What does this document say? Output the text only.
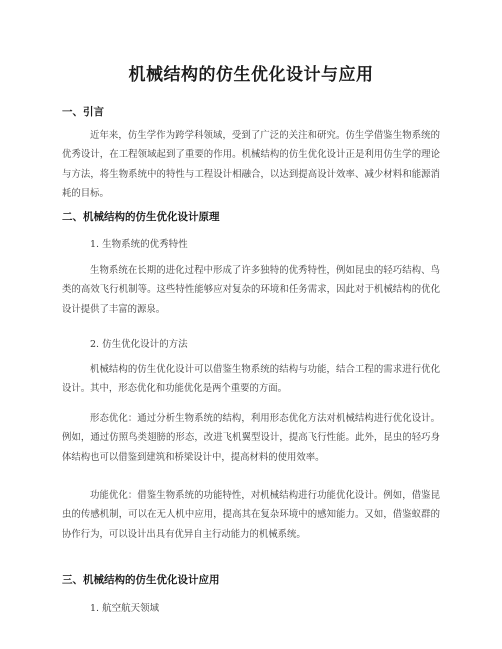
机械结构的仿生优化设计与应用
一、引言

近年来，仿生学作为跨学科领域，受到了广泛的关注和研究。仿生学借鉴生物系统的优秀设计，在工程领域起到了重要的作用。机械结构的仿生优化设计正是利用仿生学的理论与方法，将生物系统中的特性与工程设计相融合，以达到提高设计效率、减少材料和能源消耗的目标。

二、机械结构的仿生优化设计原理
1. 生物系统的优秀特性

生物系统在长期的进化过程中形成了许多独特的优秀特性，例如昆虫的轻巧结构、鸟类的高效飞行机制等。这些特性能够应对复杂的环境和任务需求，因此对于机械结构的优化设计提供了丰富的源泉。

2. 仿生优化设计的方法

机械结构的仿生优化设计可以借鉴生物系统的结构与功能，结合工程的需求进行优化设计。其中，形态优化和功能优化是两个重要的方面。

形态优化：通过分析生物系统的结构，利用形态优化方法对机械结构进行优化设计。例如，通过仿照鸟类翅膀的形态，改进飞机翼型设计，提高飞行性能。此外，昆虫的轻巧身体结构也可以借鉴到建筑和桥梁设计中，提高材料的使用效率。

功能优化：借鉴生物系统的功能特性，对机械结构进行功能优化设计。例如，借鉴昆虫的传感机制，可以在无人机中应用，提高其在复杂环境中的感知能力。又如，借鉴蚁群的协作行为，可以设计出具有优异自主行动能力的机械系统。

三、机械结构的仿生优化设计应用
1. 航空航天领域
